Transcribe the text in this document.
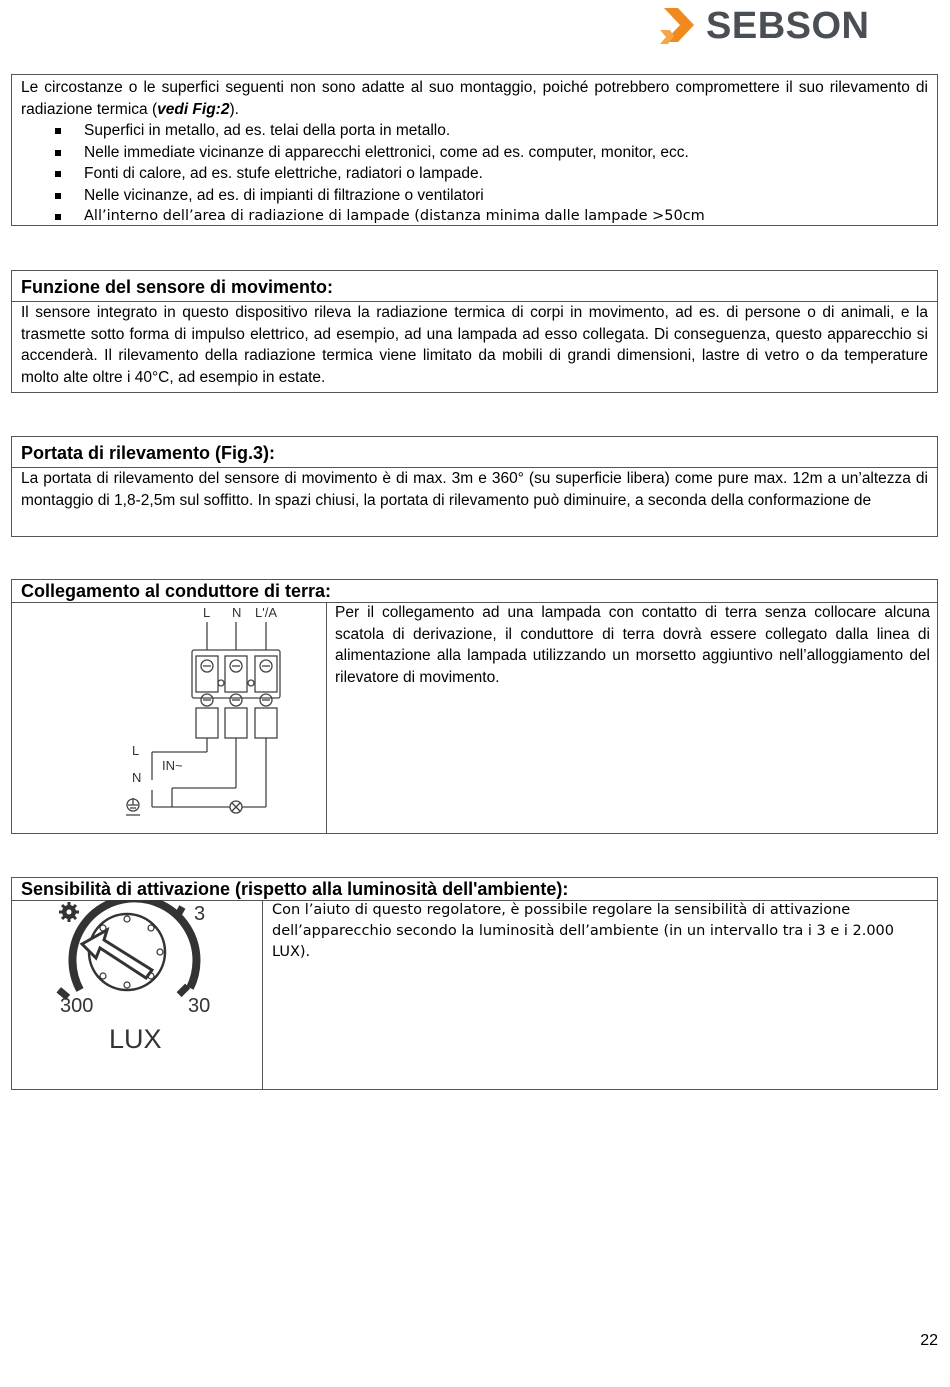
SEBSON

Le circostanze o le superfici seguenti non sono adatte al suo montaggio, poiché potrebbero compromettere il suo rilevamento di radiazione termica (vedi Fig:2).

Superfici in metallo, ad es. telai della porta in metallo.
Nelle immediate vicinanze di apparecchi elettronici, come ad es. computer, monitor, ecc.
Fonti di calore, ad es. stufe elettriche, radiatori o lampade.
Nelle vicinanze, ad es. di impianti di filtrazione o ventilatori
All’interno dell’area di radiazione di lampade (distanza minima dalle lampade >50cm
Funzione del sensore di movimento:

Il sensore integrato in questo dispositivo rileva la radiazione termica di corpi in movimento, ad es. di persone o di animali, e la trasmette sotto forma di impulso elettrico, ad esempio, ad una lampada ad esso collegata. Di conseguenza, questo apparecchio si accenderà. Il rilevamento della radiazione termica viene limitato da mobili di grandi dimensioni, lastre di vetro o da temperature molto alte oltre i 40°C, ad esempio in estate.

Portata di rilevamento (Fig.3):

La portata di rilevamento del sensore di movimento è di max. 3m e 360° (su superficie libera) come pure max. 12m a un’altezza di montaggio di 1,8-2,5m sul soffitto. In spazi chiusi, la portata di rilevamento può diminuire, a seconda della conformazione de

Collegamento al conduttore di terra:
L N L'/A
L
N
IN~
Per il collegamento ad una lampada con contatto di terra senza collocare alcuna scatola di derivazione, il conduttore di terra dovrà essere collegato dalla linea di alimentazione alla lampada utilizzando un morsetto aggiuntivo nell’alloggiamento del rilevatore di movimento.
Sensibilità di attivazione (rispetto alla luminosità dell'ambiente):
3
30
300
LUX
Con l’aiuto di questo regolatore, è possibile regolare la sensibilità di attivazione dell’apparecchio secondo la luminosità dell’ambiente (in un intervallo tra i 3 e i 2.000 LUX).
22
